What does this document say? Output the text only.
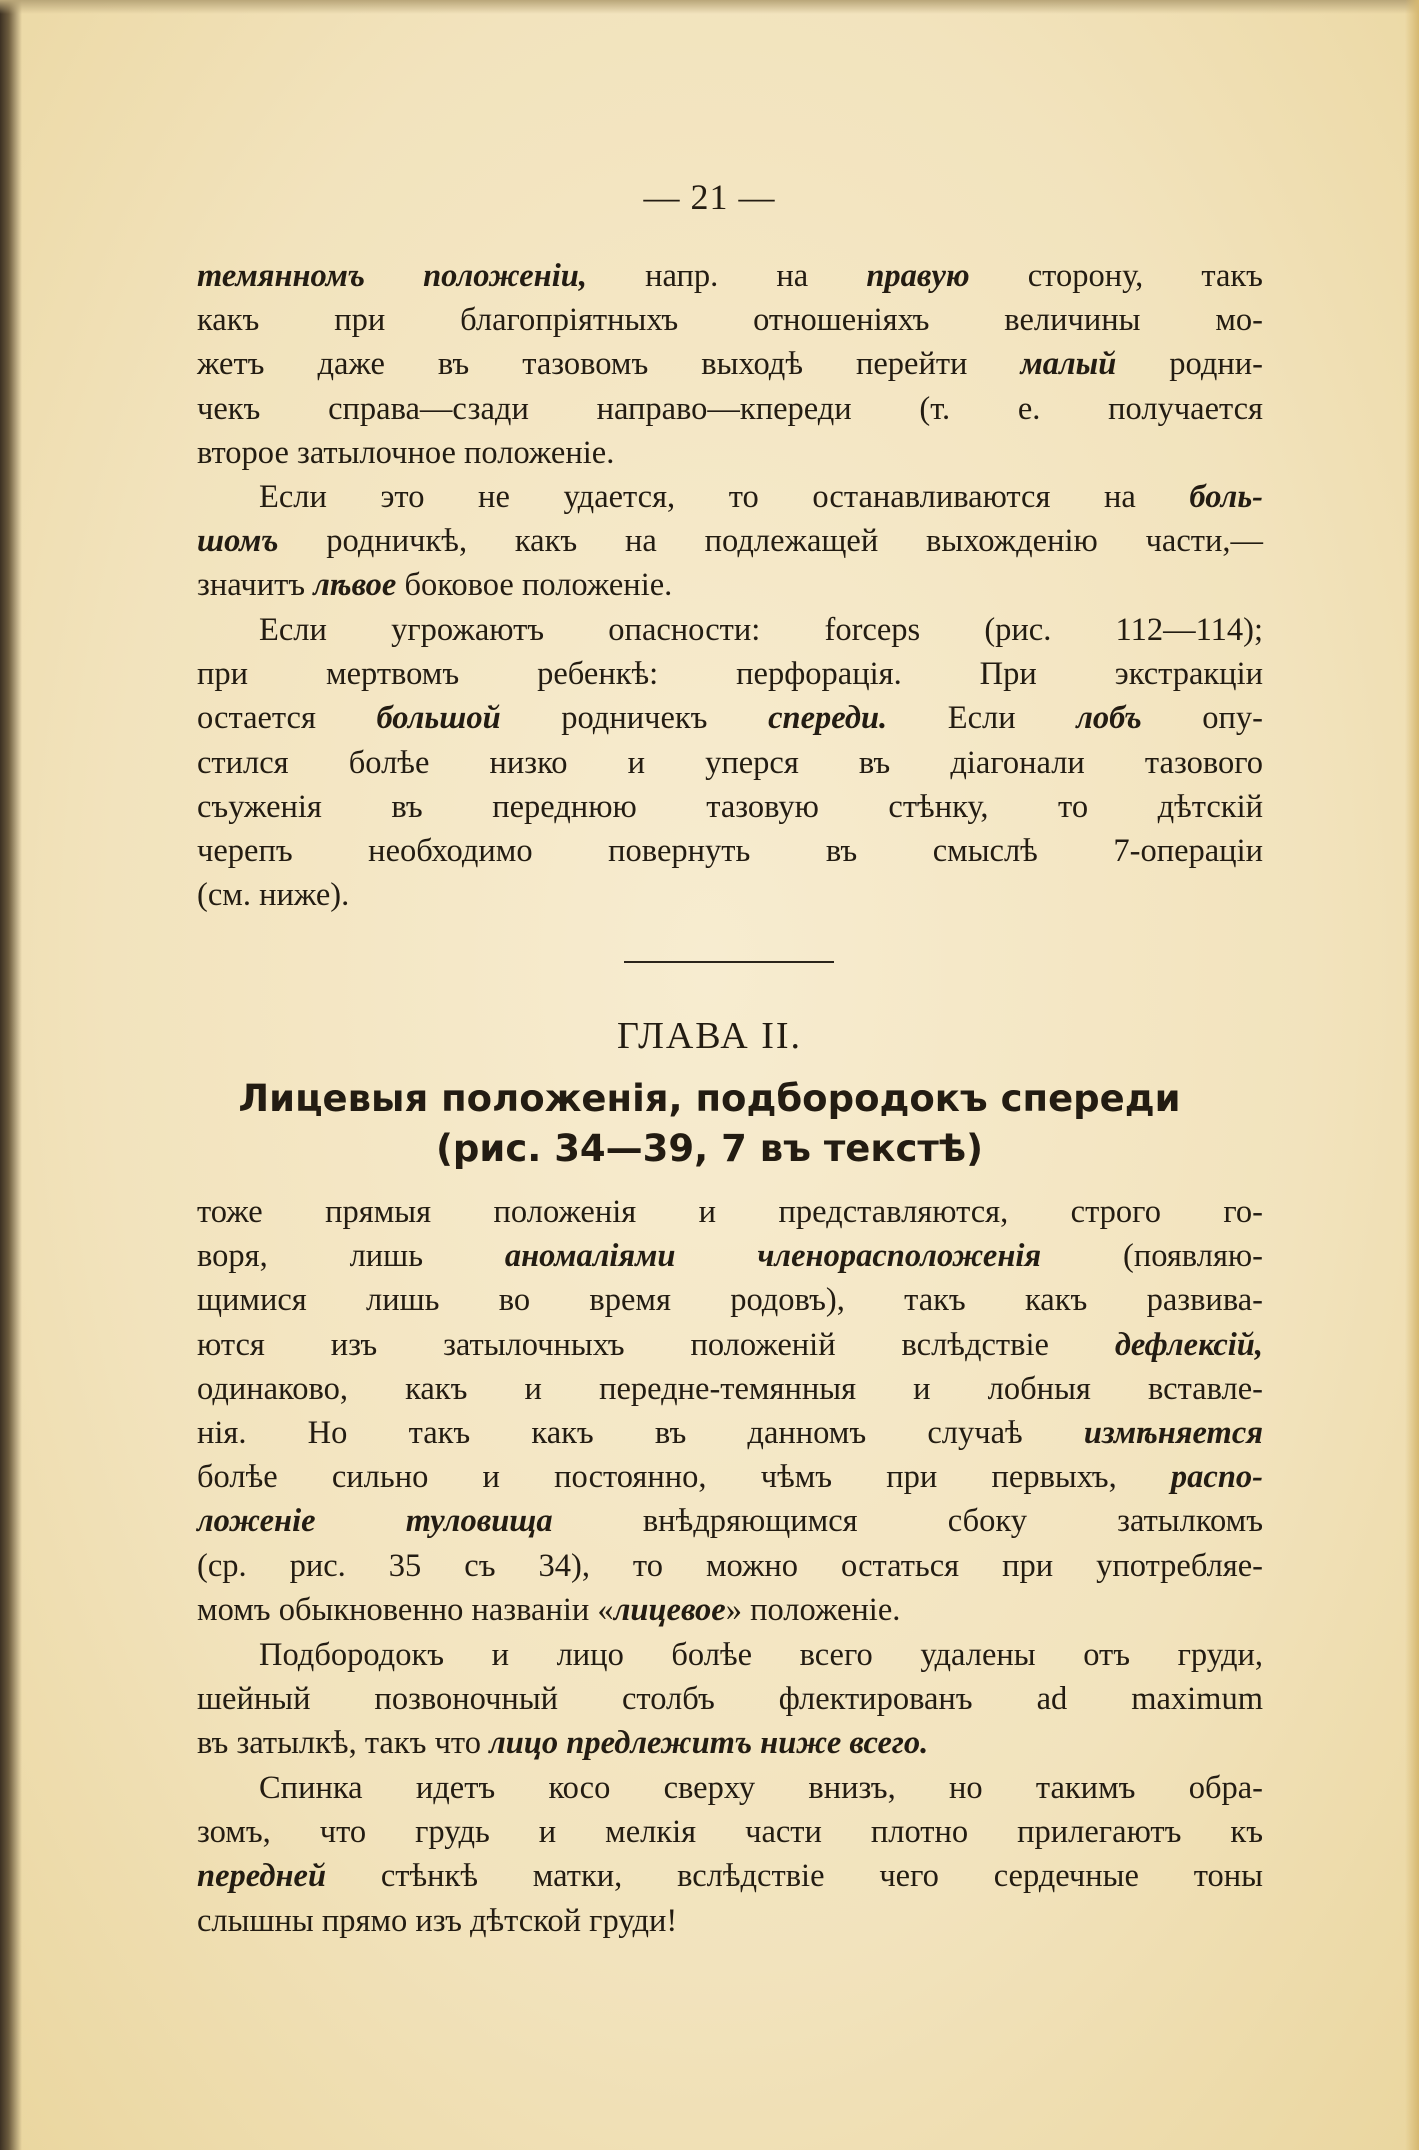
— 21 —
темянномъ положеніи, напр. на правую сторону, такъ
какъ при благопріятныхъ отношеніяхъ величины мо-
жетъ даже въ тазовомъ выходѣ перейти малый родни-
чекъ справа—сзади направо—кпереди (т. е. получается
второе затылочное положеніе.
Если это не удается, то останавливаются на боль-
шомъ родничкѣ, какъ на подлежащей выхожденію части,—
значитъ лѣвое боковое положеніе.
Если угрожаютъ опасности: forceps (рис. 112—114);
при мертвомъ ребенкѣ: перфорація. При экстракціи
остается большой родничекъ спереди. Если лобъ опу-
стился болѣе низко и уперся въ діагонали тазового
съуженія въ переднюю тазовую стѣнку, то дѣтскій
черепъ необходимо повернуть въ смыслѣ 7-операціи
(см. ниже).
ГЛАВА II.
Лицевыя положенія, подбородокъ спереди
(рис. 34—39, 7 въ текстѣ)
тоже прямыя положенія и представляются, строго го-
воря, лишь аномаліями членорасположенія (появляю-
щимися лишь во время родовъ), такъ какъ развива-
ются изъ затылочныхъ положеній вслѣдствіе дефлексій,
одинаково, какъ и передне-темянныя и лобныя вставле-
нія. Но такъ какъ въ данномъ случаѣ измѣняется
болѣе сильно и постоянно, чѣмъ при первыхъ, распо-
ложеніе туловища внѣдряющимся сбоку затылкомъ
(ср. рис. 35 съ 34), то можно остаться при употребляе-
момъ обыкновенно названіи «лицевое» положеніе.
Подбородокъ и лицо болѣе всего удалены отъ груди,
шейный позвоночный столбъ флектированъ ad maximum
въ затылкѣ, такъ что лицо предлежитъ ниже всего.
Спинка идетъ косо сверху внизъ, но такимъ обра-
зомъ, что грудь и мелкія части плотно прилегаютъ къ
передней стѣнкѣ матки, вслѣдствіе чего сердечные тоны
слышны прямо изъ дѣтской груди!
